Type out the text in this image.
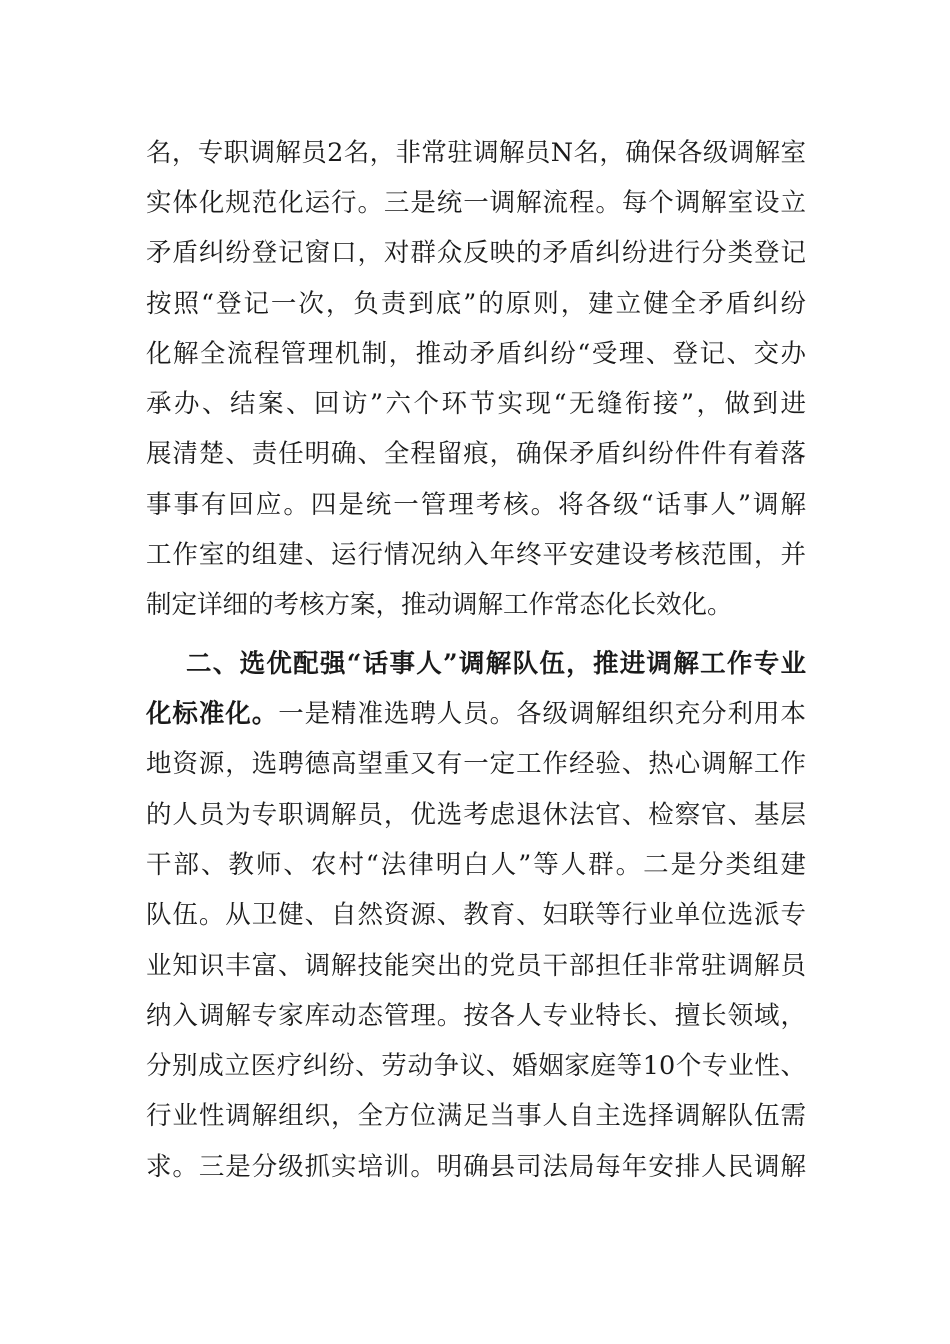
名，专职调解员2名，非常驻调解员N名，确保各级调解室
实体化规范化运行。三是统一调解流程。每个调解室设立
矛盾纠纷登记窗口，对群众反映的矛盾纠纷进行分类登记
按照“登记一次，负责到底”的原则，建立健全矛盾纠纷
化解全流程管理机制，推动矛盾纠纷“受理、登记、交办
承办、结案、回访”六个环节实现“无缝衔接”，做到进
展清楚、责任明确、全程留痕，确保矛盾纠纷件件有着落
事事有回应。四是统一管理考核。将各级“话事人”调解
工作室的组建、运行情况纳入年终平安建设考核范围，并
制定详细的考核方案，推动调解工作常态化长效化。
二、选优配强“话事人”调解队伍，推进调解工作专业
化标准化。一是精准选聘人员。各级调解组织充分利用本
地资源，选聘德高望重又有一定工作经验、热心调解工作
的人员为专职调解员，优选考虑退休法官、检察官、基层
干部、教师、农村“法律明白人”等人群。二是分类组建
队伍。从卫健、自然资源、教育、妇联等行业单位选派专
业知识丰富、调解技能突出的党员干部担任非常驻调解员
纳入调解专家库动态管理。按各人专业特长、擅长领域，
分别成立医疗纠纷、劳动争议、婚姻家庭等10个专业性、
行业性调解组织，全方位满足当事人自主选择调解队伍需
求。三是分级抓实培训。明确县司法局每年安排人民调解
